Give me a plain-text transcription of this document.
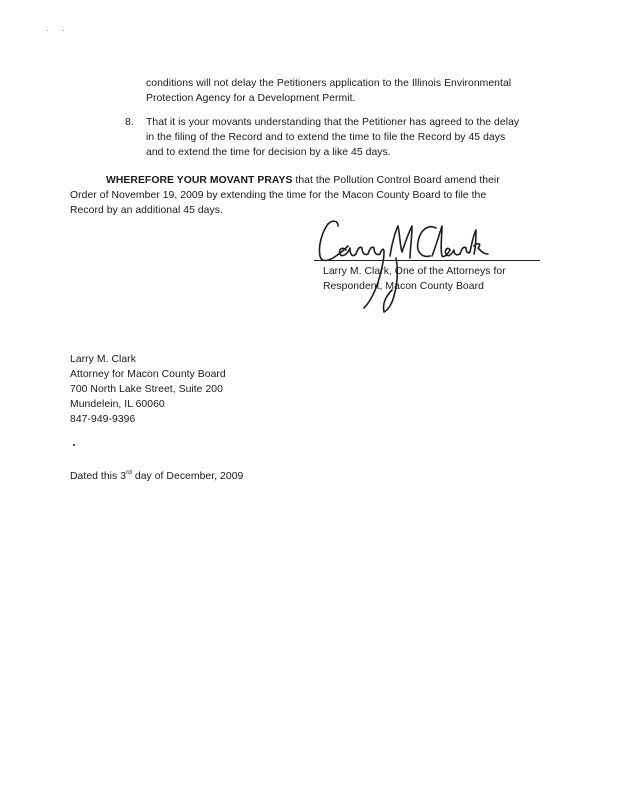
. .
conditions will not delay the Petitioners application to the Illinois Environmental
Protection Agency for a Development Permit.
8. That it is your movants understanding that the Petitioner has agreed to the delay
in the filing of the Record and to extend the time to file the Record by 45 days
and to extend the time for decision by a like 45 days.
WHEREFORE YOUR MOVANT PRAYS that the Pollution Control Board amend their
Order of November 19, 2009 by extending the time for the Macon County Board to file the
Record by an additional 45 days.
Larry M. Clark, One of the Attorneys for
Respondent, Macon County Board
Larry M. Clark
Attorney for Macon County Board
700 North Lake Street, Suite 200
Mundelein, IL 60060
847-949-9396
Dated this 3rd day of December, 2009
